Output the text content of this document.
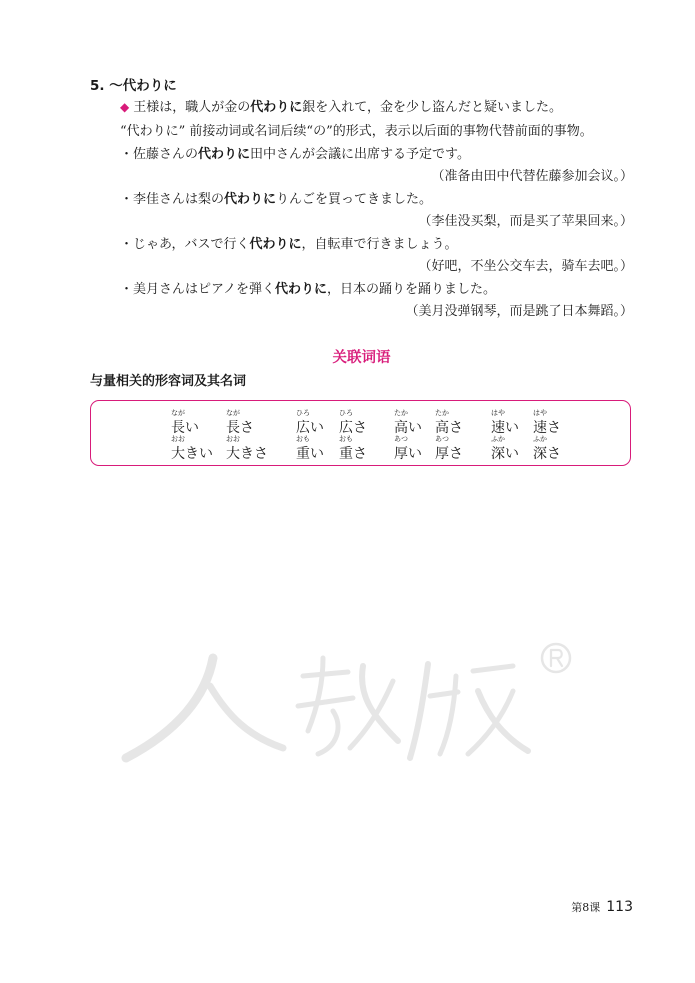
5. ～代わりに
◆ 王様は，職人が金の代わりに銀を入れて，金を少し盗んだと疑いました。
“代わりに” 前接动词或名词后续“の”的形式，表示以后面的事物代替前面的事物。
・佐藤さんの代わりに田中さんが会議に出席する予定です。
（准备由田中代替佐藤参加会议。）
・李佳さんは梨の代わりにりんごを買ってきました。
（李佳没买梨，而是买了苹果回来。）
・じゃあ，バスで行く代わりに，自転車で行きましょう。
（好吧，不坐公交车去，骑车去吧。）
・美月さんはピアノを弾く代わりに，日本の踊りを踊りました。
（美月没弹钢琴，而是跳了日本舞蹈。）
关联词语
与量相关的形容词及其名词
なが
長い
なが
長さ
ひろ
広い
ひろ
広さ
たか
高い
たか
高さ
はや
速い
はや
速さ
おお
大きい
おお
大きさ
おも
重い
おも
重さ
あつ
厚い
あつ
厚さ
ふか
深い
ふか
深さ
第8课 113
